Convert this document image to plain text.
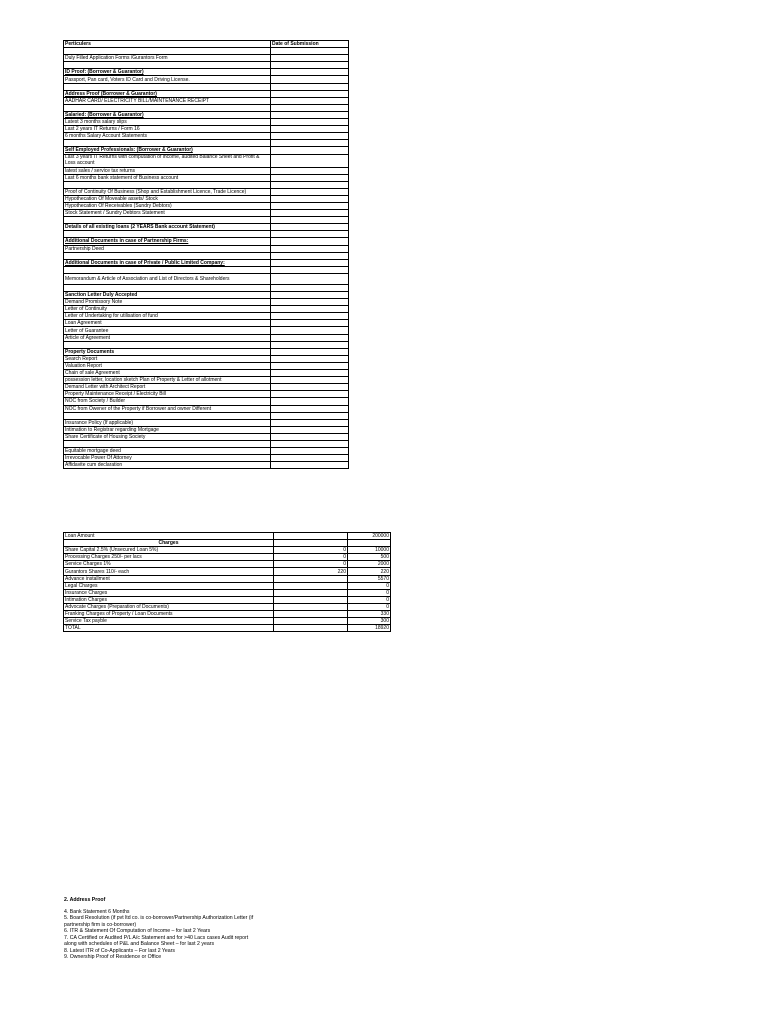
Perticulers	Date of Submission

Duly Filled Application Forms /Gurantors Form	

ID Proof: (Borrower & Guarantor)	
Passport, Pan card, Voters ID Card and Driving License.	

Address Proof (Borrower & Guarantor)	
AADHAR CARD/ ELECTRICITY BILL/MAINTENANCE RECEIPT	

Salaried: (Borrower & Guarantor)	
Latest 3 months salary slips	
Last 2 years IT Returns / Form 16	
6 months Salary Account Statements	

Self Employed Professionals: (Borrower & Guarantor)	
Last 3 years IT Returns with computation of income, audited Balance Sheet and Profit & Loss account	
latest sales / service tax returns	
Last 6 months bank statement of Business account	

Proof of Continuity Of Business (Shop and Establishment Licence, Trade Licence)	
Hypothecation Of Moveable assets/ Stock	
Hypothecation Of Receivables (Sundry Debtors)	
Stock Statement / Sundry Debtors Statement	

Details of all existing loans (2 YEARS Bank account Statement)	

Additional Documents in case of Partnership Firms:	
Partnership Deed	

Additional Documents in case of Private / Public Limited Company:	

Memorandum & Article of Association and List of Directors & Shareholders	

Sanction Letter Duly Accepted	
Demand Promissory Note	
Letter of Continuity	
Letter of Undertaking for utilisation of fund	
Loan Agreement	
Letter of Guarantee	
Article of Agreement	

Property Documents	
Search Report	
Valuation Report	
Chain of sale Agreement	
possession letter, location sketch Plan of Property & Letter of allotment	
Demand Letter with Architect Report	
Property Maintenance Receipt / Electricity Bill	
NOC from Society / Builder	
NOC from Owener of the Property if Borrower and owner Different	

Insurance Policy (If applicable)	
Intimation to Registrar regarding Mortgage	
Share Certificate of Housing Society	

Equitable mortgage deed	
Irrevocable Power Of Attorney	
Affidavite cum declaration	
Loan Amount		200000
Charges		
Share Capital 2.5% (Unsecured Loan 5%)	0	10000
Processing Charges 250/- per lacs	0	500
Service Charges 1%	0	2000
Gurantors Shares 110/- each	220	220
Advance installment		5570
Legal Charges		0
Insurance Charges		0
Intimation Charges		0
Advocate Charges (Preparation of Documents)		0
Franking Charges of Property / Loan Documents		330
Service Tax payble		300
TOTAL		18920
2. Address Proof
4. Bank Statement 6 Months
5. Board Resolution (if pvt ltd co. is co-borrower/Partnership Authorization Letter (if
partnership firm is co-borrower)
6. ITR & Statement Of Computation of Income – for last 2 Years
7. CA Certified or Audited P/L A/c Statement and for >40 Lacs cases Audit report
along with schedules of P&L and Balance Sheet – for last 2 years
8. Latest ITR of Co-Applicants – For last 2 Years
9. Ownership Proof of Residence or Office
